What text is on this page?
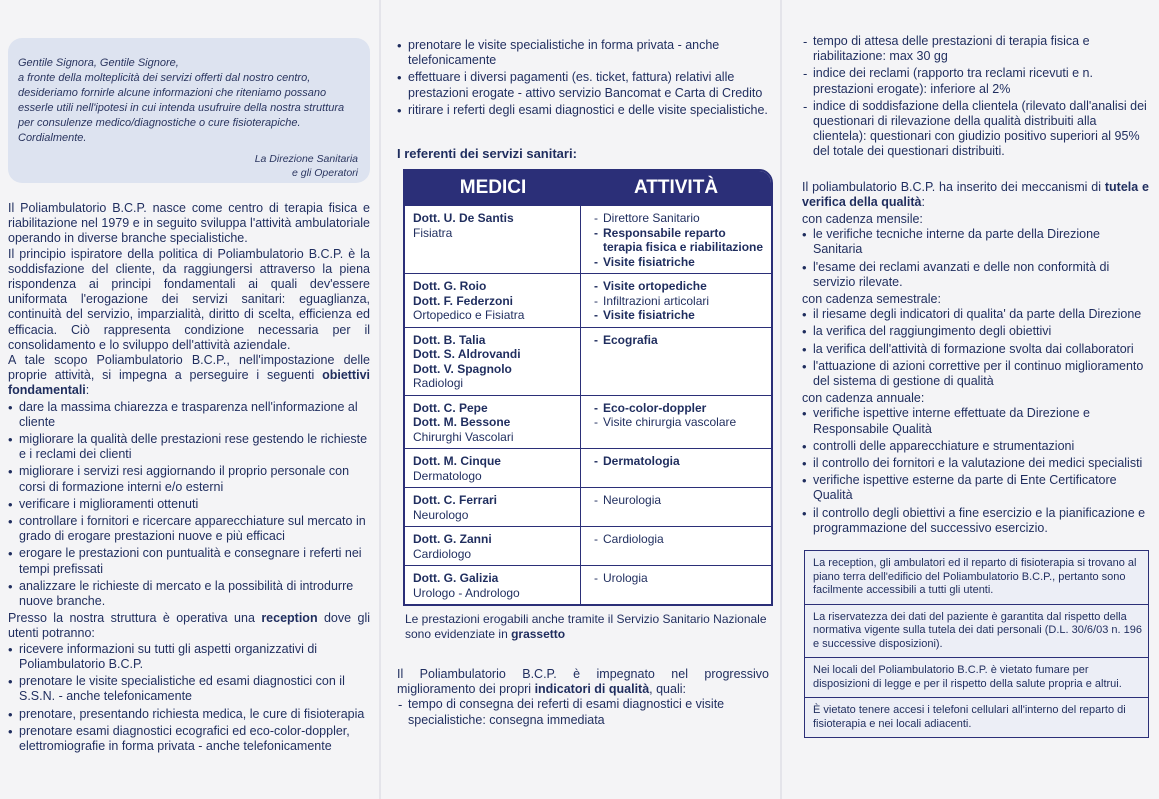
Gentile Signora, Gentile Signore,
a fronte della molteplicità dei servizi offerti dal nostro centro, desideriamo fornirle alcune informazioni che riteniamo possano esserle utili nell'ipotesi in cui intenda usufruire della nostra struttura per consulenze medico/diagnostiche o cure fisioterapiche.
Cordialmente.
La Direzione Sanitaria
e gli Operatori

Il Poliambulatorio B.C.P. nasce come centro di terapia fisica e riabilitazione nel 1979 e in seguito sviluppa l'attività ambulatoriale operando in diverse branche specialistiche.

Il principio ispiratore della politica di Poliambulatorio B.C.P. è la soddisfazione del cliente, da raggiungersi attraverso la piena rispondenza ai principi fondamentali ai quali dev'essere uniformata l'erogazione dei servizi sanitari: eguaglianza, continuità del servizio, imparzialità, diritto di scelta, efficienza ed efficacia. Ciò rappresenta condizione necessaria per il consolidamento e lo sviluppo dell'attività aziendale.

A tale scopo Poliambulatorio B.C.P., nell'impostazione delle proprie attività, si impegna a perseguire i seguenti obiettivi fondamentali:

• dare la massima chiarezza e trasparenza nell'informazione al cliente
• migliorare la qualità delle prestazioni rese gestendo le richieste e i reclami dei clienti
• migliorare i servizi resi aggiornando il proprio personale con corsi di formazione interni e/o esterni
• verificare i miglioramenti ottenuti
• controllare i fornitori e ricercare apparecchiature sul mercato in grado di erogare prestazioni nuove e più efficaci
• erogare le prestazioni con puntualità e consegnare i referti nei tempi prefissati
• analizzare le richieste di mercato e la possibilità di introdurre nuove branche.

Presso la nostra struttura è operativa una reception dove gli utenti potranno:

• ricevere informazioni su tutti gli aspetti organizzativi di Poliambulatorio B.C.P.
• prenotare le visite specialistiche ed esami diagnostici con il S.S.N. - anche telefonicamente
• prenotare, presentando richiesta medica, le cure di fisioterapia
• prenotare esami diagnostici ecografici ed eco-color-doppler, elettromiografie in forma privata - anche telefonicamente
• prenotare le visite specialistiche in forma privata - anche telefonicamente
• effettuare i diversi pagamenti (es. ticket, fattura) relativi alle prestazioni erogate - attivo servizio Bancomat e Carta di Credito
• ritirare i referti degli esami diagnostici e delle visite specialistiche.
I referenti dei servizi sanitari:
MEDICI	ATTIVITÀ
Dott. U. De Santis
Fisiatra
- Direttore Sanitario
- Responsabile reparto terapia fisica e riabilitazione
- Visite fisiatriche
Dott. G. Roio
Dott. F. Federzoni
Ortopedico e Fisiatra
- Visite ortopediche
- Infiltrazioni articolari
- Visite fisiatriche
Dott. B. Talia
Dott. S. Aldrovandi
Dott. V. Spagnolo
Radiologi
- Ecografia
Dott. C. Pepe
Dott. M. Bessone
Chirurghi Vascolari
- Eco-color-doppler
- Visite chirurgia vascolare
Dott. M. Cinque
Dermatologo
- Dermatologia
Dott. C. Ferrari
Neurologo
- Neurologia
Dott. G. Zanni
Cardiologo
- Cardiologia
Dott. G. Galizia
Urologo - Andrologo
- Urologia
Le prestazioni erogabili anche tramite il Servizio Sanitario Nazionale sono evidenziate in grassetto

Il Poliambulatorio B.C.P. è impegnato nel progressivo miglioramento dei propri indicatori di qualità, quali:

- tempo di consegna dei referti di esami diagnostici e visite specialistiche: consegna immediata
- tempo di attesa delle prestazioni di terapia fisica e riabilitazione: max 30 gg
- indice dei reclami (rapporto tra reclami ricevuti e n. prestazioni erogate): inferiore al 2%
- indice di soddisfazione della clientela (rilevato dall'analisi dei questionari di rilevazione della qualità distribuiti alla clientela): questionari con giudizio positivo superiori al 95% del totale dei questionari distribuiti.

Il poliambulatorio B.C.P. ha inserito dei meccanismi di tutela e verifica della qualità:

con cadenza mensile:

• le verifiche tecniche interne da parte della Direzione Sanitaria
• l'esame dei reclami avanzati e delle non conformità di servizio rilevate.

con cadenza semestrale:

• il riesame degli indicatori di qualita' da parte della Direzione
• la verifica del raggiungimento degli obiettivi
• la verifica dell'attività di formazione svolta dai collaboratori
• l'attuazione di azioni correttive per il continuo miglioramento del sistema di gestione di qualità

con cadenza annuale:

• verifiche ispettive interne effettuate da Direzione e Responsabile Qualità
• controlli delle apparecchiature e strumentazioni
• il controllo dei fornitori e la valutazione dei medici specialisti
• verifiche ispettive esterne da parte di Ente Certificatore Qualità
• il controllo degli obiettivi a fine esercizio e la pianificazione e programmazione del successivo esercizio.
La reception, gli ambulatori ed il reparto di fisioterapia si trovano al piano terra dell'edificio del Poliambulatorio B.C.P., pertanto sono facilmente accessibili a tutti gli utenti.
La riservatezza dei dati del paziente è garantita dal rispetto della normativa vigente sulla tutela dei dati personali (D.L. 30/6/03 n. 196 e successive disposizioni).
Nei locali del Poliambulatorio B.C.P. è vietato fumare per disposizioni di legge e per il rispetto della salute propria e altrui.
È vietato tenere accesi i telefoni cellulari all'interno del reparto di fisioterapia e nei locali adiacenti.
